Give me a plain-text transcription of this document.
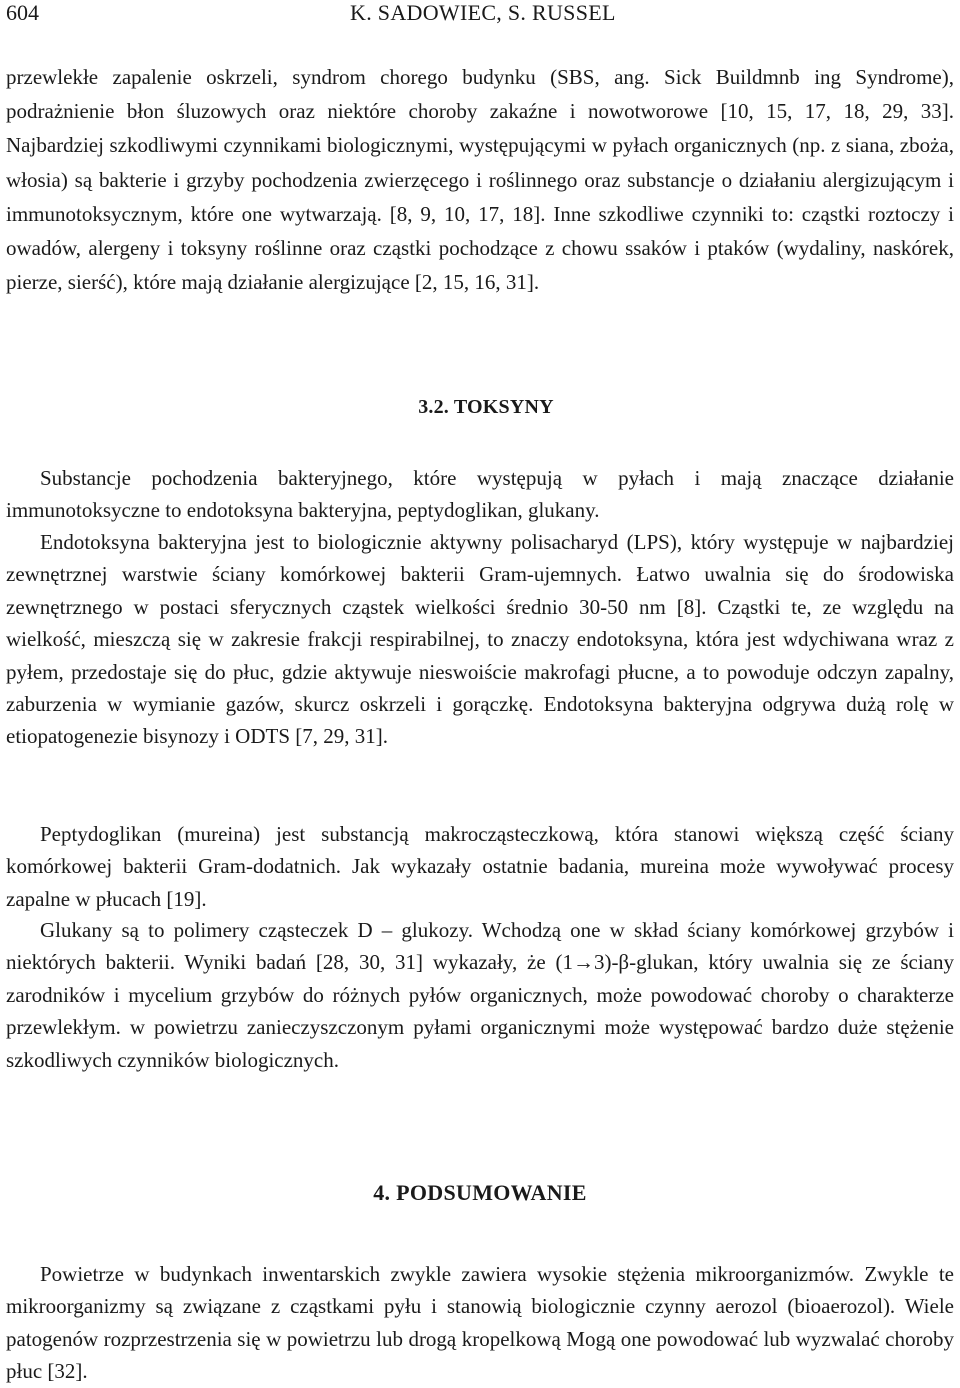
604	K. SADOWIEC, S. RUSSEL

przewlekłe zapalenie oskrzeli, syndrom chorego budynku (SBS, ang. Sick Buildmnb ing Syndrome), podrażnienie błon śluzowych oraz niektóre choroby zakaźne i nowotworowe [10, 15, 17, 18, 29, 33]. Najbardziej szkodliwymi czynnikami biologicznymi, występującymi w pyłach organicznych (np. z siana, zboża, włosia) są bakterie i grzyby pochodzenia zwierzęcego i roślinnego oraz substancje o działaniu alergizującym i immunotoksycznym, które one wytwarzają. [8, 9, 10, 17, 18]. Inne szkodliwe czynniki to: cząstki roztoczy i owadów, alergeny i toksyny roślinne oraz cząstki pochodzące z chowu ssaków i ptaków (wydaliny, naskórek, pierze, sierść), które mają działanie alergizujące [2, 15, 16, 31].

3.2. TOKSYNY

Substancje pochodzenia bakteryjnego, które występują w pyłach i mają znaczące działanie immunotoksyczne to endotoksyna bakteryjna, peptydoglikan, glukany.

Endotoksyna bakteryjna jest to biologicznie aktywny polisacharyd (LPS), który występuje w najbardziej zewnętrznej warstwie ściany komórkowej bakterii Gram-ujemnych. Łatwo uwalnia się do środowiska zewnętrznego w postaci sferycznych cząstek wielkości średnio 30-50 nm [8]. Cząstki te, ze względu na wielkość, mieszczą się w zakresie frakcji respirabilnej, to znaczy endotoksyna, która jest wdychiwana wraz z pyłem, przedostaje się do płuc, gdzie aktywuje nieswoiście makrofagi płucne, a to powoduje odczyn zapalny, zaburzenia w wymianie gazów, skurcz oskrzeli i gorączkę. Endotoksyna bakteryjna odgrywa dużą rolę w etiopatogenezie bisynozy i ODTS [7, 29, 31].

Peptydoglikan (mureina) jest substancją makrocząsteczkową, która stanowi większą część ściany komórkowej bakterii Gram-dodatnich. Jak wykazały ostatnie badania, mureina może wywoływać procesy zapalne w płucach [19].

Glukany są to polimery cząsteczek D – glukozy. Wchodzą one w skład ściany komórkowej grzybów i niektórych bakterii. Wyniki badań [28, 30, 31] wykazały, że (1→3)-β-glukan, który uwalnia się ze ściany zarodników i mycelium grzybów do różnych pyłów organicznych, może powodować choroby o charakterze przewlekłym. w powietrzu zanieczyszczonym pyłami organicznymi może występować bardzo duże stężenie szkodliwych czynników biologicznych.

4. PODSUMOWANIE

Powietrze w budynkach inwentarskich zwykle zawiera wysokie stężenia mikroorganizmów. Zwykle te mikroorganizmy są związane z cząstkami pyłu i stanowią biologicznie czynny aerozol (bioaerozol). Wiele patogenów rozprzestrzenia się w powietrzu lub drogą kropelkową Mogą one powodować lub wyzwalać choroby płuc [32].
